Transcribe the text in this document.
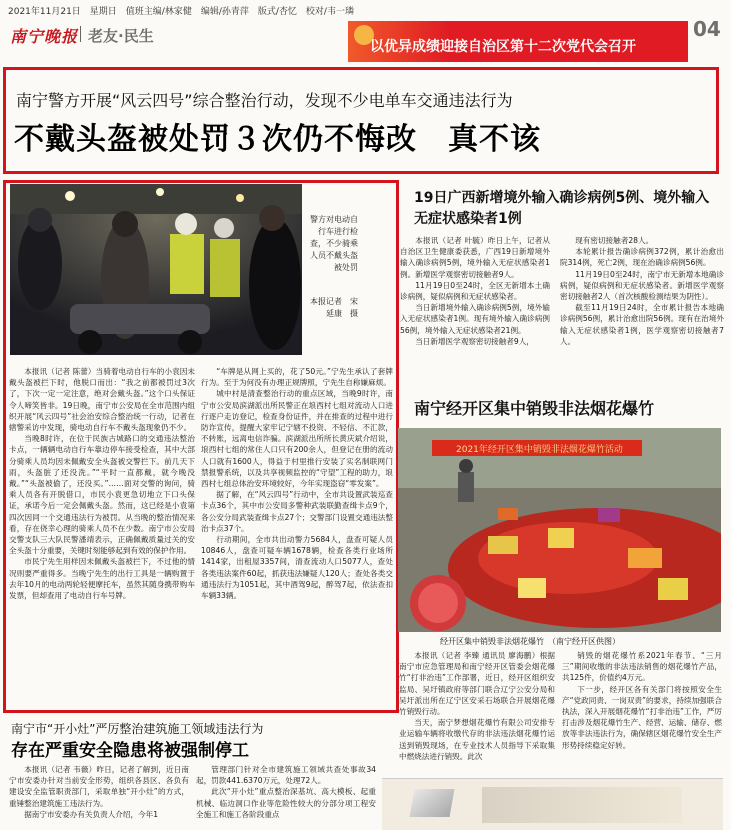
2021年11月21日　星期日　值班主编/林家健　编辑/孙青萍　版式/杏忆　校对/韦一璘
南宁晚报 老友·民生
以优异成绩迎接自治区第十二次党代会召开
04
南宁警方开展“风云四号”综合整治行动，发现不少电单车交通违法行为
不戴头盔被处罚３次仍不悔改　真不该
警方对电动自行车进行检查，不少骑乘人员不戴头盔被处罚
本报记者　宋延康　摄

本报讯（记者 陈蕾）当骑着电动自行车的小袁因未戴头盔被拦下时，他脱口而出：“我之前都被罚过3次了，下次一定一定注意，绝对会戴头盔。”这个口头保证令人啼笑皆非。19日晚，南宁市公安局在全市范围内组织开展“风云四号”社会治安综合整治统一行动，记者在辖警采访中发现，骑电动自行车不戴头盔现象仍不少。

当晚8时许，在位于民族古城路口的交通违法整治卡点，一辆辆电动自行车靠边停车接受检查，其中大部分骑乘人员均因未佩戴安全头盔被交警拦下。前几天下雨，头盔脏了还没洗。”“平时一直都戴，就今晚没戴。”“头盔被偷了，还没买。”……面对交警的询问，骑乘人员各有开脱借口，市民小袁更急切地立下口头保证，承诺今后一定会佩戴头盔。然而，这已经是小袁第四次因同一个交通违法行为被罚。从当晚的整治情况来看，存在侥幸心理的骑乘人员不在少数。南宁市公安局交警支队三大队民警潘靖表示，正确佩戴质量过关的安全头盔十分重要，关键时刻能够起到有效的保护作用。

市民宁先生用样因未佩戴头盔被拦下，不过他的情况则要严重得多。当晚宁先生的出行工具是一辆购置于去年10月的电动两轮轻便摩托车，虽然其随身携带购车发票，但却查用了电动自行车号牌。

“车牌是从网上买的，花了50元。”宁先生承认了套牌行为。至于为何没有办理正规牌照，宁先生自称嫌麻烦。

城中村是清查整治行动的重点区域，当晚9时许，南宁市公安局滨湖派出所民警正在埌西村七组对流动人口进行逐户走访登记，检查身份证件，并在排查的过程中进行防诈宣传，提醒大家牢记宁辖不投资、不轻信、不汇款，不转账，远离电信诈骗。滨湖派出所所长黄庆斌介绍说，埌西村七组的常住人口只有200余人，但登记在册的流动人口就有1600人，得益于村里推行安装了实名制联网门禁报警系统，以及共享视频监控的“守望”工程的助力，埌西村七组总体治安环境较好，今年实现盗窃“零发案”。

据了解，在“风云四号”行动中，全市共设置武装巡查卡点36个，其中市公安局多警种武装联勤查缉卡点9个，各公安分局武装查缉卡点27个；交警部门设置交通违法整治卡点37个。

行动期间，全市共出动警力5684人，盘查可疑人员10846人，盘查可疑车辆1678辆，检查各类行业场所1414家，出租屋3357间，清查流动人口5077人，查处各类违法案件60起，抓获违法嫌疑人120人；查处各类交通违法行为1051起，其中酒驾9起，醉驾7起，依法查扣车辆33辆。

19日广西新增境外输入确诊病例5例、境外输入无症状感染者1例

本报讯（记者 叶毓）昨日上午，记者从自治区卫生健康委获悉，广西19日新增境外输入确诊病例5例，境外输入无症状感染者1例。新增医学观察密切接触者9人。

11月19日0至24时，全区无新增本土确诊病例，疑似病例和无症状感染者。

当日新增境外输入确诊病例5例，境外输入无症状感染者1例。现有境外输入确诊病例56例，境外输入无症状感染者21例。

当日新增医学观察密切接触者9人，

现有密切接触者28人。

本轮累计报告确诊病例372例，累计治愈出院314例，死亡2例，现在治确诊病例56例。

11月19日0至24时，南宁市无新增本地确诊病例，疑似病例和无症状感染者。新增医学观察密切接触者2人（首次核酸检测结果为阴性）。

截至11月19日24时，全市累计报告本地确诊病例56例，累计治愈出院56例。现有在治境外输入无症状感染者1例，医学观察密切接触者7人。

南宁经开区集中销毁非法烟花爆竹
2021年经开区集中销毁非法烟花爆竹活动
经开区集中销毁非法烟花爆竹　（南宁经开区供图）

本报讯（记者 李臻 通讯员 廖海鹏）根据南宁市应急管理局和南宁经开区管委会烟花爆竹“打非治违”工作部署，近日，经开区组织安监局、吴圩镇政府等部门联合辽宁公安分局和吴圩派出所在辽宁区安采石场联合开展烟花爆竹销毁行动。

当天，南宁梦想烟花爆竹有限公司安排专业运输车辆将收缴代存的非法违法烟花爆竹运送到销毁现场，在专业技术人员指导下采取集中燃烧法进行销毁。此次

销毁的烟花爆竹系2021年春节、“三月三”期间收缴的非法违法销售的烟花爆竹产品，共125件，价值约4万元。

下一步，经开区各有关部门将按照安全生产“党政同责、一岗双责”的要求，持续加强联合执法，深入开展烟花爆竹“打非治违”工作，严厉打击涉及烟花爆竹生产、经营、运输、储存、燃放等非法违法行为，确保辖区烟花爆竹安全生产形势持续稳定好转。

南宁市“开小灶”严厉整治建筑施工领域违法行为
存在严重安全隐患将被强制停工

本报讯（记者 韦薇）昨日，记者了解到，近日南宁市安委办针对当前安全形势，组织各县区、各负有建设安全监管职责部门，采取单独“开小灶”的方式，重锤整治建筑施工违法行为。

据南宁市安委办有关负责人介绍，今年1

管理部门针对全市建筑施工领域共查处事故34起，罚款441.6370万元，处理72人。

此次“开小灶”重点整治深基坑、高大模板、起重机械、临边洞口作业等危险性较大的分部分项工程安全施工和施工各阶段重点
